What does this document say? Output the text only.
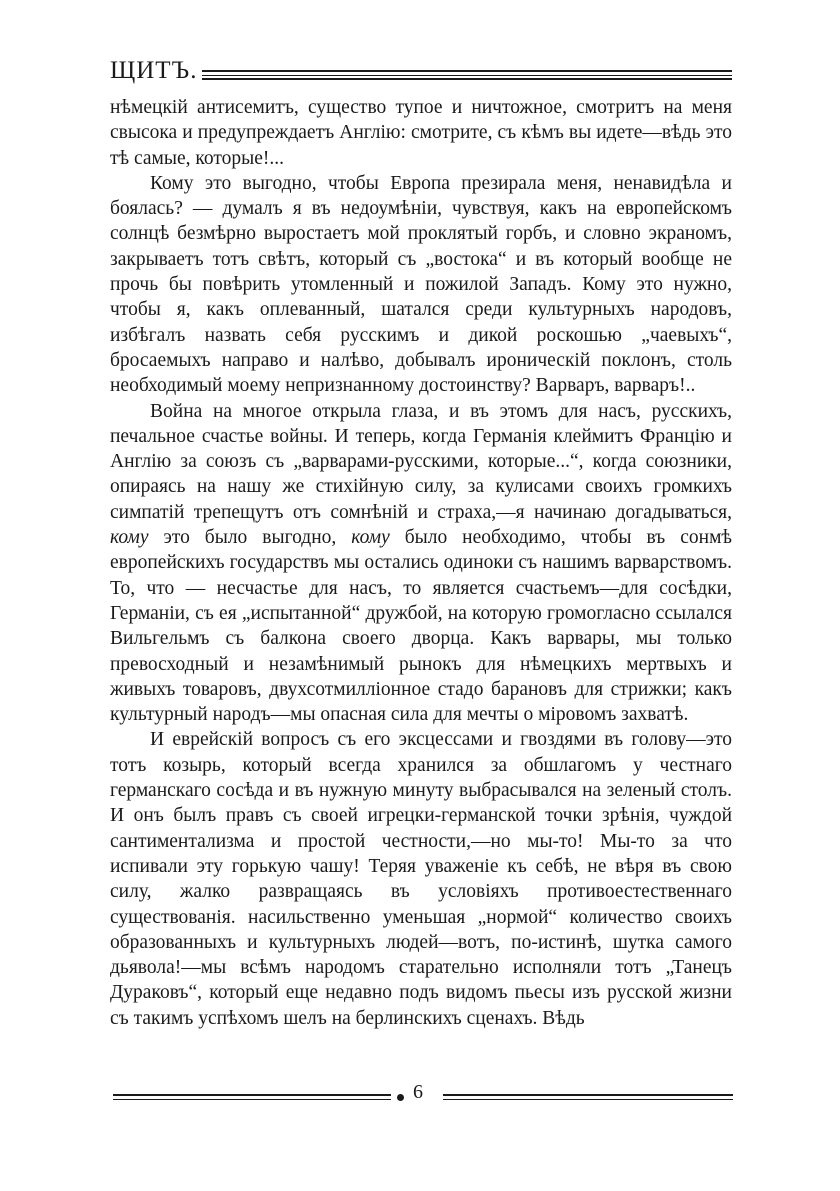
ЩИТЪ.

нѣмецкій антисемитъ, существо тупое и ничтожное, смотритъ на меня свысока и предупреждаетъ Англію: смотрите, съ кѣмъ вы идете—вѣдь это тѣ самые, которые!...

Кому это выгодно, чтобы Европа презирала меня, ненавидѣла и боялась? — думалъ я въ недоумѣніи, чувствуя, какъ на европейскомъ солнцѣ безмѣрно выростаетъ мой проклятый горбъ, и словно экраномъ, закрываетъ тотъ свѣтъ, который съ „востока“ и въ который вообще не прочь бы повѣрить утомленный и пожилой Западъ. Кому это нужно, чтобы я, какъ оплеванный, шатался среди культурныхъ народовъ, избѣгалъ назвать себя русскимъ и дикой роскошью „чаевыхъ“, бросаемыхъ направо и налѣво, добывалъ ироническій поклонъ, столь необходимый моему непризнанному достоинству? Варваръ, варваръ!..

Война на многое открыла глаза, и въ этомъ для насъ, русскихъ, печальное счастье войны. И теперь, когда Германія клеймитъ Францію и Англію за союзъ съ „варварами-русскими, которые...“, когда союзники, опираясь на нашу же стихійную силу, за кулисами своихъ громкихъ симпатій трепещутъ отъ сомнѣній и страха,—я начинаю догадываться, кому это было выгодно, кому было необходимо, чтобы въ сонмѣ европейскихъ государствъ мы остались одиноки съ нашимъ варварствомъ. То, что — несчастье для насъ, то является счастьемъ—для сосѣдки, Германіи, съ ея „испытанной“ дружбой, на которую громогласно ссылался Вильгельмъ съ балкона своего дворца. Какъ варвары, мы только превосходный и незамѣнимый рынокъ для нѣмецкихъ мертвыхъ и живыхъ товаровъ, двухсотмилліонное стадо барановъ для стрижки; какъ культурный народъ—мы опасная сила для мечты о міровомъ захватѣ.

И еврейскій вопросъ съ его эксцессами и гвоздями въ голову—это тотъ козырь, который всегда хранился за обшлагомъ у честнаго германскаго сосѣда и въ нужную минуту выбрасывался на зеленый столъ. И онъ былъ правъ съ своей игрецки-германской точки зрѣнія, чуждой сантиментализма и простой честности,—но мы-то! Мы-то за что испивали эту горькую чашу! Теряя уваженіе къ себѣ, не вѣря въ свою силу, жалко развращаясь въ условіяхъ противоестественнаго существованія. насильственно уменьшая „нормой“ количество своихъ образованныхъ и культурныхъ людей—вотъ, по-истинѣ, шутка самого дьявола!—мы всѣмъ народомъ старательно исполняли тотъ „Танецъ Дураковъ“, который еще недавно подъ видомъ пьесы изъ русской жизни съ такимъ успѣхомъ шелъ на берлинскихъ сценахъ. Вѣдь

6
